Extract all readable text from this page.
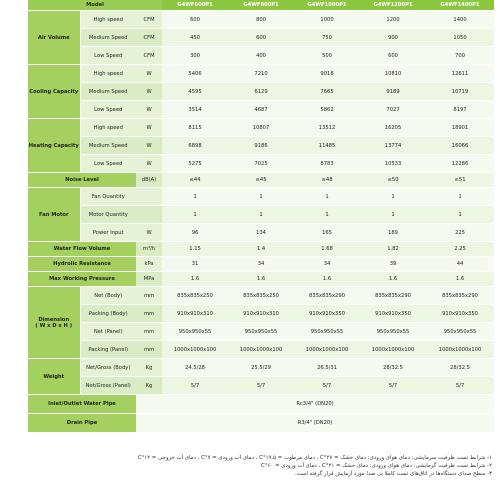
Model			G4WF600P1	G4WF800P1	G4WF1000P1	G4WF1200P1	G4WF1400P1
Air Volume	High speed	CFM	600	800	1000	1200	1400
	Medium Speed	CFM	450	600	750	900	1050
	Low Speed	CFM	300	400	500	600	700
Cooling Capacity	High speed	W	5406	7210	9018	10810	12611
	Medium Speed	W	4595	6129	7665	9189	10719
	Low Speed	W	3514	4687	5862	7027	8197
Heating Capacity	High speed	W	8115	10807	13512	16205	18901
	Medium Speed	W	6898	9186	11485	13774	16066
	Low Speed	W	5275	7025	8783	10533	12286
Noise Level		dB(A)	≤44	≤45	≤48	≤50	≤51
Fan Motor	Fan Quantity		1	1	1	1	1
	Motor Quantity		1	1	1	1	1
	Power Input	W	96	134	165	189	225
Water Flow Volume		m³/h	1.15	1.4	1.68	1.82	2.25
Hydrolic Resistance		kPa	31	34	34	39	44
Max Working Pressure		MPa	1.6	1.6	1.6	1.6	1.6

Dimension
( W x D x H )	Net (Body)	mm	835x835x250	835x835x250	835x835x290	835x835x290	835x835x290
	Packing (Body)	mm	910x910x310	910x910x310	910x910x350	910x910x350	910x910x350
	Net (Panel)	mm	950x950x55	950x950x55	950x950x55	950x950x55	950x950x55
	Packing (Panel)	mm	1000x1000x100	1000x1000x100	1000x1000x100	1000x1000x100	1000x1000x100
Weight	Net/Gross (Body)	Kg	24.5/28	25.5/29	26.5/31	28/32.5	28/32.5
	Net/Gross (Panel)	Kg	5/7	5/7	5/7	5/7	5/7
Inlet/Outlet Water Pipe		Rc3/4" (DN20)					
Drain Pipe		R3/4" (DN20)					
۱- شرایط تست ظرفیت سرمایشی: دمای هوای ورودی: دمای خشک = ۲۷°C ، دمای مرطوب = ۱۹.۵°C ، دمای آب ورودی = ۷°C ، دمای آب خروجی = ۱۲°C
۲- شرایط تست ظرفیت گرمایشی: دمای هوای ورودی: دمای خشک = ۲۱°C ، دمای آب ورودی = ۶۰°C
۳- سطح صدای دستگاه‌ها در اتاق‌های تست کاملا بی صدا مورد آزمایش قرار گرفته است.
